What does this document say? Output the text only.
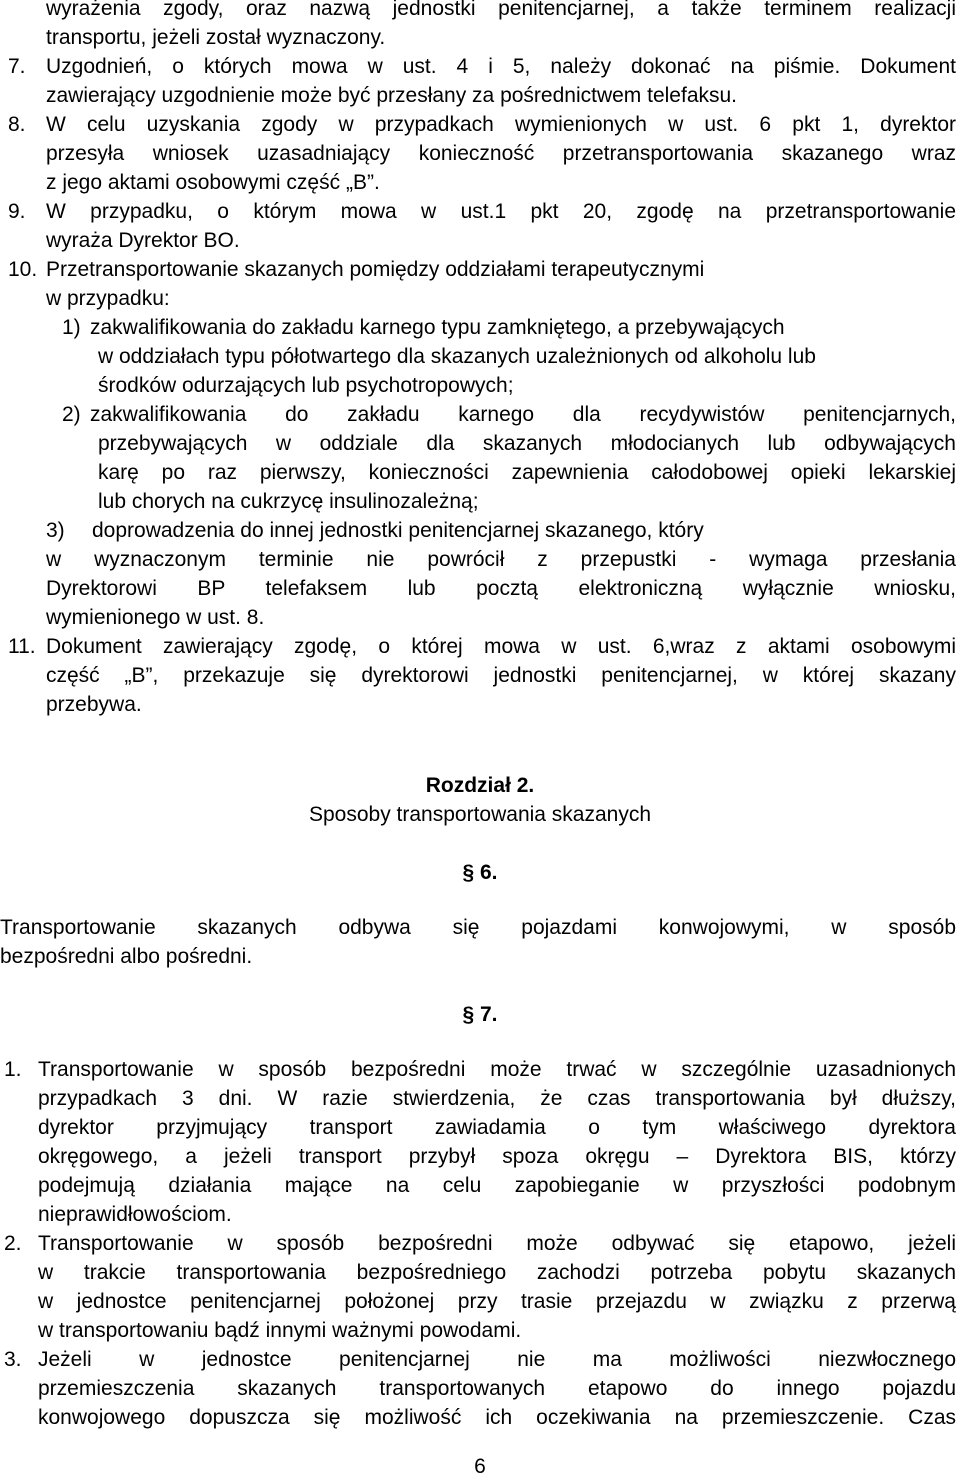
wyrażenia zgody, oraz nazwą jednostki penitencjarnej, a także terminem realizacji
transportu, jeżeli został wyznaczony.
7. Uzgodnień, o których mowa w ust. 4 i 5, należy dokonać na piśmie. Dokument
zawierający uzgodnienie może być przesłany za pośrednictwem telefaksu.
8. W celu uzyskania zgody w przypadkach wymienionych w ust. 6 pkt 1, dyrektor
przesyła wniosek uzasadniający konieczność przetransportowania skazanego wraz
z jego aktami osobowymi część „B”.
9. W przypadku, o którym mowa w ust.1 pkt 20, zgodę na przetransportowanie
wyraża Dyrektor BO.
10. Przetransportowanie skazanych pomiędzy oddziałami terapeutycznymi
w przypadku:
1) zakwalifikowania do zakładu karnego typu zamkniętego, a przebywających
w oddziałach typu półotwartego dla skazanych uzależnionych od alkoholu lub
środków odurzających lub psychotropowych;
2) zakwalifikowania do zakładu karnego dla recydywistów penitencjarnych,
przebywających w oddziale dla skazanych młodocianych lub odbywających
karę po raz pierwszy, konieczności zapewnienia całodobowej opieki lekarskiej
lub chorych na cukrzycę insulinozależną;
3) doprowadzenia do innej jednostki penitencjarnej skazanego, który
w wyznaczonym terminie nie powrócił z przepustki - wymaga przesłania
Dyrektorowi BP telefaksem lub pocztą elektroniczną wyłącznie wniosku,
wymienionego w ust. 8.
11. Dokument zawierający zgodę, o której mowa w ust. 6,wraz z aktami osobowymi
część „B”, przekazuje się dyrektorowi jednostki penitencjarnej, w której skazany
przebywa.
Rozdział 2.
Sposoby transportowania skazanych
§ 6.
Transportowanie skazanych odbywa się pojazdami konwojowymi, w sposób
bezpośredni albo pośredni.
§ 7.
1. Transportowanie w sposób bezpośredni może trwać w szczególnie uzasadnionych
przypadkach 3 dni. W razie stwierdzenia, że czas transportowania był dłuższy,
dyrektor przyjmujący transport zawiadamia o tym właściwego dyrektora
okręgowego, a jeżeli transport przybył spoza okręgu – Dyrektora BIS, którzy
podejmują działania mające na celu zapobieganie w przyszłości podobnym
nieprawidłowościom.
2. Transportowanie w sposób bezpośredni może odbywać się etapowo, jeżeli
w trakcie transportowania bezpośredniego zachodzi potrzeba pobytu skazanych
w jednostce penitencjarnej położonej przy trasie przejazdu w związku z przerwą
w transportowaniu bądź innymi ważnymi powodami.
3. Jeżeli w jednostce penitencjarnej nie ma możliwości niezwłocznego
przemieszczenia skazanych transportowanych etapowo do innego pojazdu
konwojowego dopuszcza się możliwość ich oczekiwania na przemieszczenie. Czas
6
